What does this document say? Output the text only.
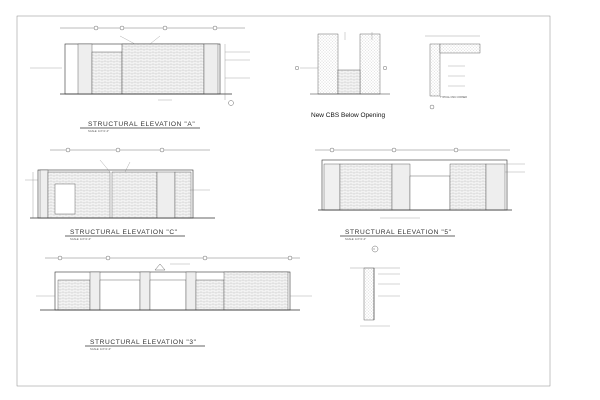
STRUCTURAL ELEVATION "A"
SCALE: 1/4"=1'-0"
New CBS Below Opening
TYPICAL CMU CORNER
STRUCTURAL ELEVATION "C"
SCALE: 1/4"=1'-0"
STRUCTURAL ELEVATION "5"
SCALE: 1/4"=1'-0"
STRUCTURAL ELEVATION "3"
SCALE: 1/4"=1'-0"
3
